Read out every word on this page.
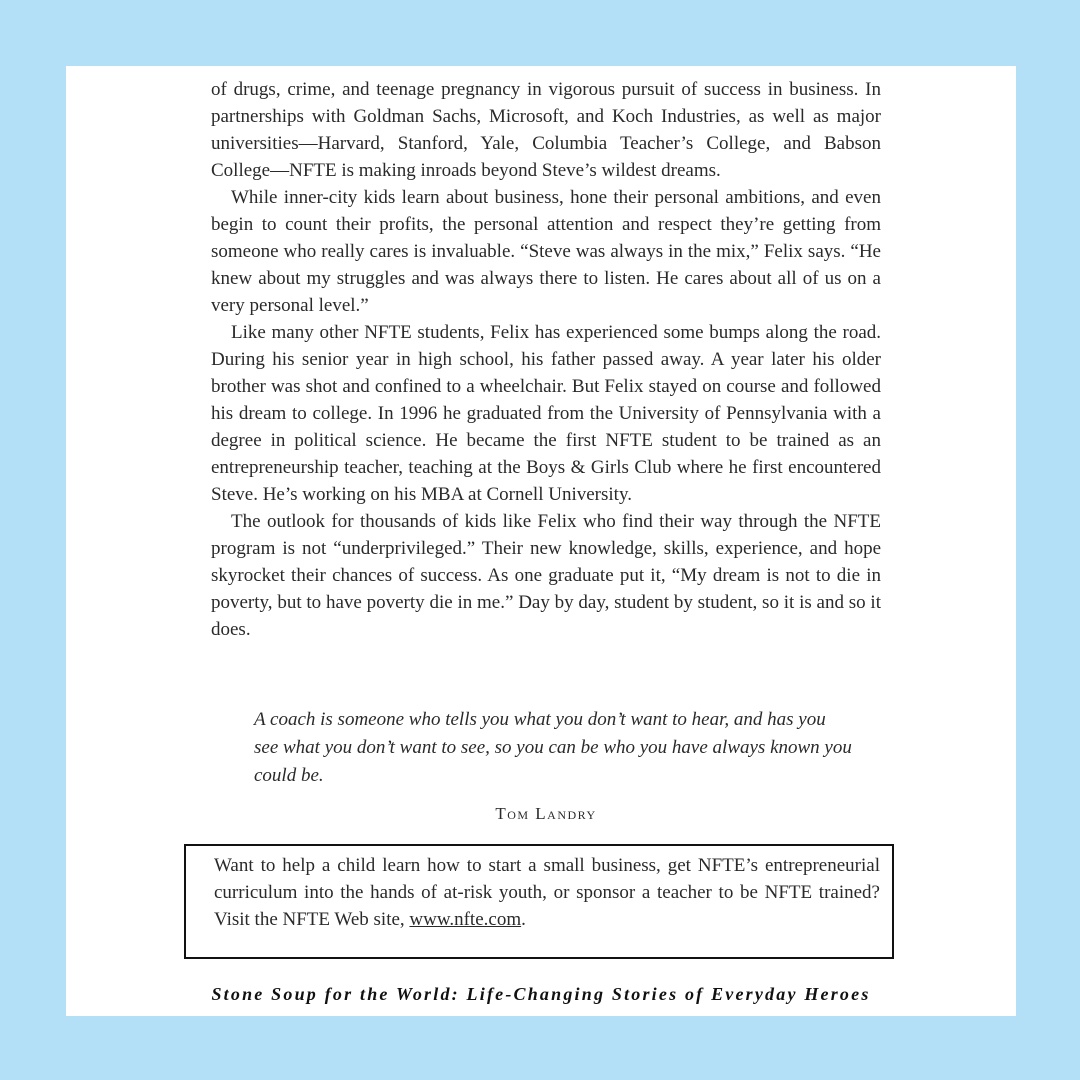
of drugs, crime, and teenage pregnancy in vigorous pursuit of success in business. In partnerships with Goldman Sachs, Microsoft, and Koch Industries, as well as major universities—Harvard, Stanford, Yale, Columbia Teacher’s College, and Babson College—NFTE is making inroads beyond Steve’s wildest dreams.

While inner-city kids learn about business, hone their personal ambitions, and even begin to count their profits, the personal attention and respect they’re getting from someone who really cares is invaluable. “Steve was always in the mix,” Felix says. “He knew about my struggles and was always there to listen. He cares about all of us on a very personal level.”

Like many other NFTE students, Felix has experienced some bumps along the road. During his senior year in high school, his father passed away. A year later his older brother was shot and confined to a wheelchair. But Felix stayed on course and followed his dream to college. In 1996 he graduated from the University of Pennsylvania with a degree in political science. He became the first NFTE student to be trained as an entrepreneurship teacher, teaching at the Boys & Girls Club where he first encountered Steve. He’s working on his MBA at Cornell University.

The outlook for thousands of kids like Felix who find their way through the NFTE program is not “underprivileged.” Their new knowledge, skills, experience, and hope skyrocket their chances of success. As one graduate put it, “My dream is not to die in poverty, but to have poverty die in me.” Day by day, student by student, so it is and so it does.

A coach is someone who tells you what you don’t want to hear, and has you see what you don’t want to see, so you can be who you have always known you could be.
Tom Landry

Want to help a child learn how to start a small business, get NFTE’s entrepreneurial curriculum into the hands of at-risk youth, or sponsor a teacher to be NFTE trained? Visit the NFTE Web site, www.nfte.com.

Stone Soup for the World: Life-Changing Stories of Everyday Heroes
